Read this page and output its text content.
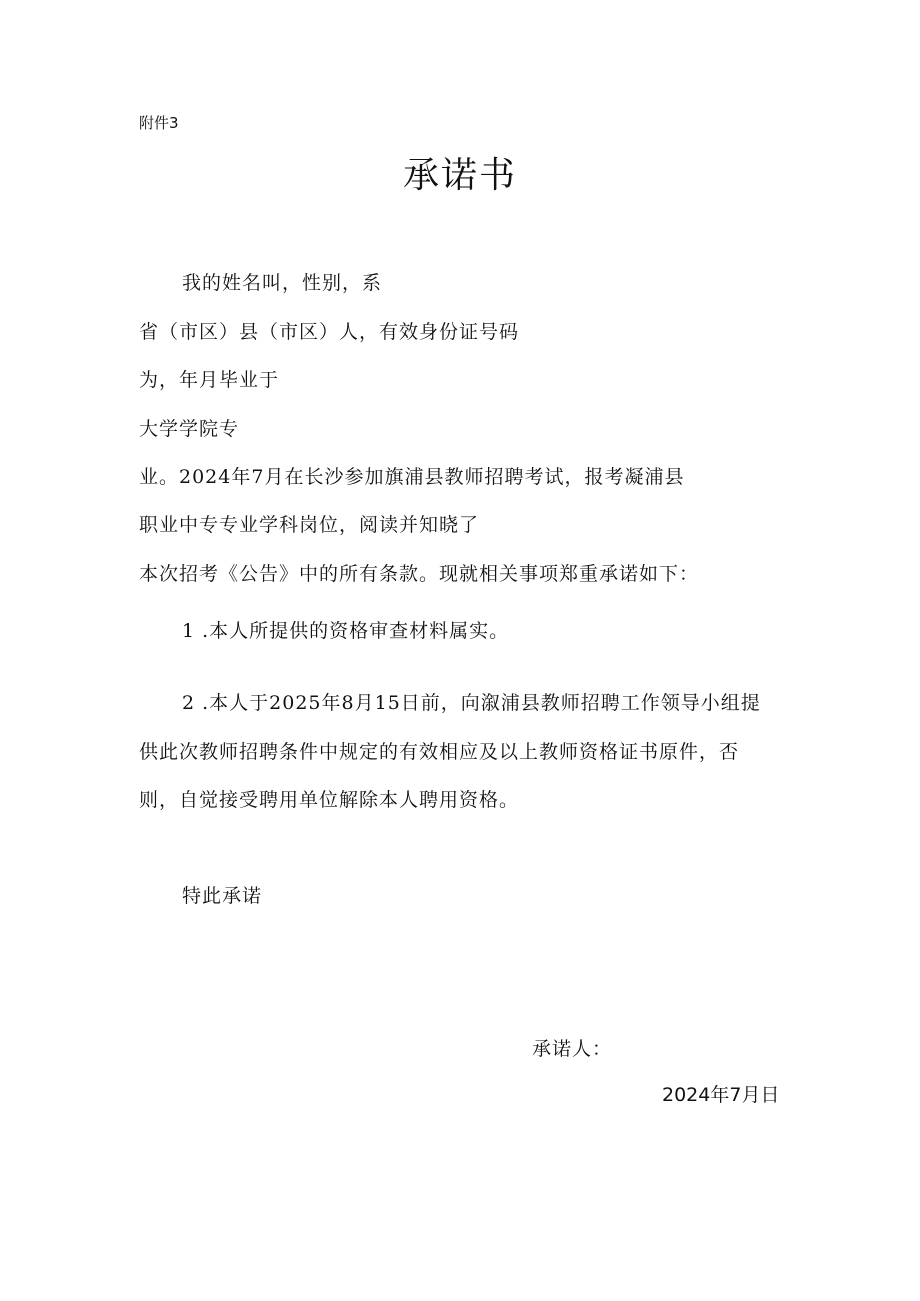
附件3
承诺书
我的姓名叫，性别，系
省（市区）县（市区）人，有效身份证号码
为，年月毕业于
大学学院专
业。2024年7月在长沙参加旗浦县教师招聘考试，报考凝浦县
职业中专专业学科岗位，阅读并知晓了
本次招考《公告》中的所有条款。现就相关事项郑重承诺如下：
1 .本人所提供的资格审查材料属实。
2 .本人于2025年8月15日前，向溆浦县教师招聘工作领导小组提
供此次教师招聘条件中规定的有效相应及以上教师资格证书原件，否
则，自觉接受聘用单位解除本人聘用资格。
特此承诺
承诺人：
2024年7月日
